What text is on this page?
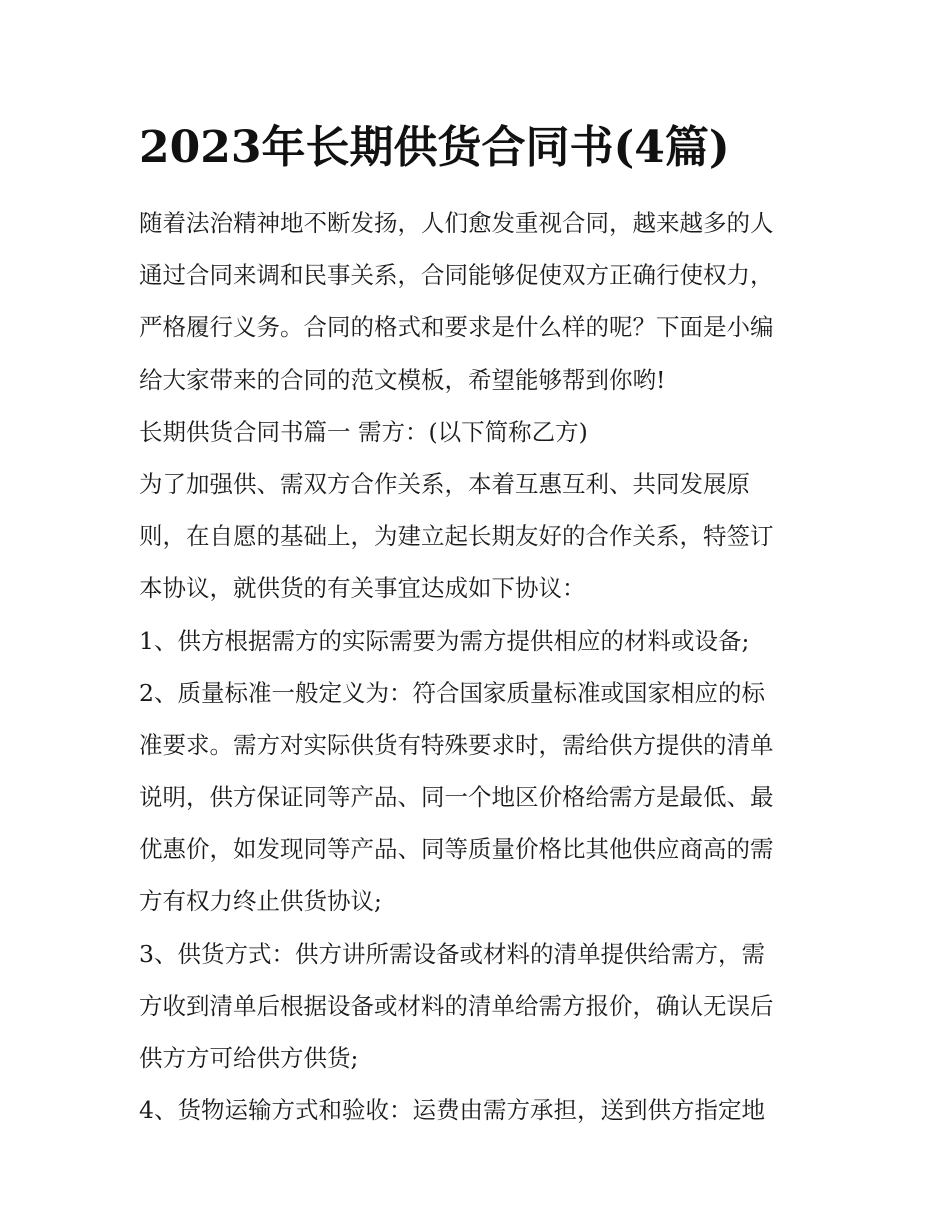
2023年长期供货合同书(4篇)
随着法治精神地不断发扬，人们愈发重视合同，越来越多的人
通过合同来调和民事关系，合同能够促使双方正确行使权力，
严格履行义务。合同的格式和要求是什么样的呢？下面是小编
给大家带来的合同的范文模板，希望能够帮到你哟!
长期供货合同书篇一 需方：(以下简称乙方)
为了加强供、需双方合作关系，本着互惠互利、共同发展原
则，在自愿的基础上，为建立起长期友好的合作关系，特签订
本协议，就供货的有关事宜达成如下协议：
1、供方根据需方的实际需要为需方提供相应的材料或设备;
2、质量标准一般定义为：符合国家质量标准或国家相应的标
准要求。需方对实际供货有特殊要求时，需给供方提供的清单
说明，供方保证同等产品、同一个地区价格给需方是最低、最
优惠价，如发现同等产品、同等质量价格比其他供应商高的需
方有权力终止供货协议;
3、供货方式：供方讲所需设备或材料的清单提供给需方，需
方收到清单后根据设备或材料的清单给需方报价，确认无误后
供方方可给供方供货;
4、货物运输方式和验收：运费由需方承担，送到供方指定地
